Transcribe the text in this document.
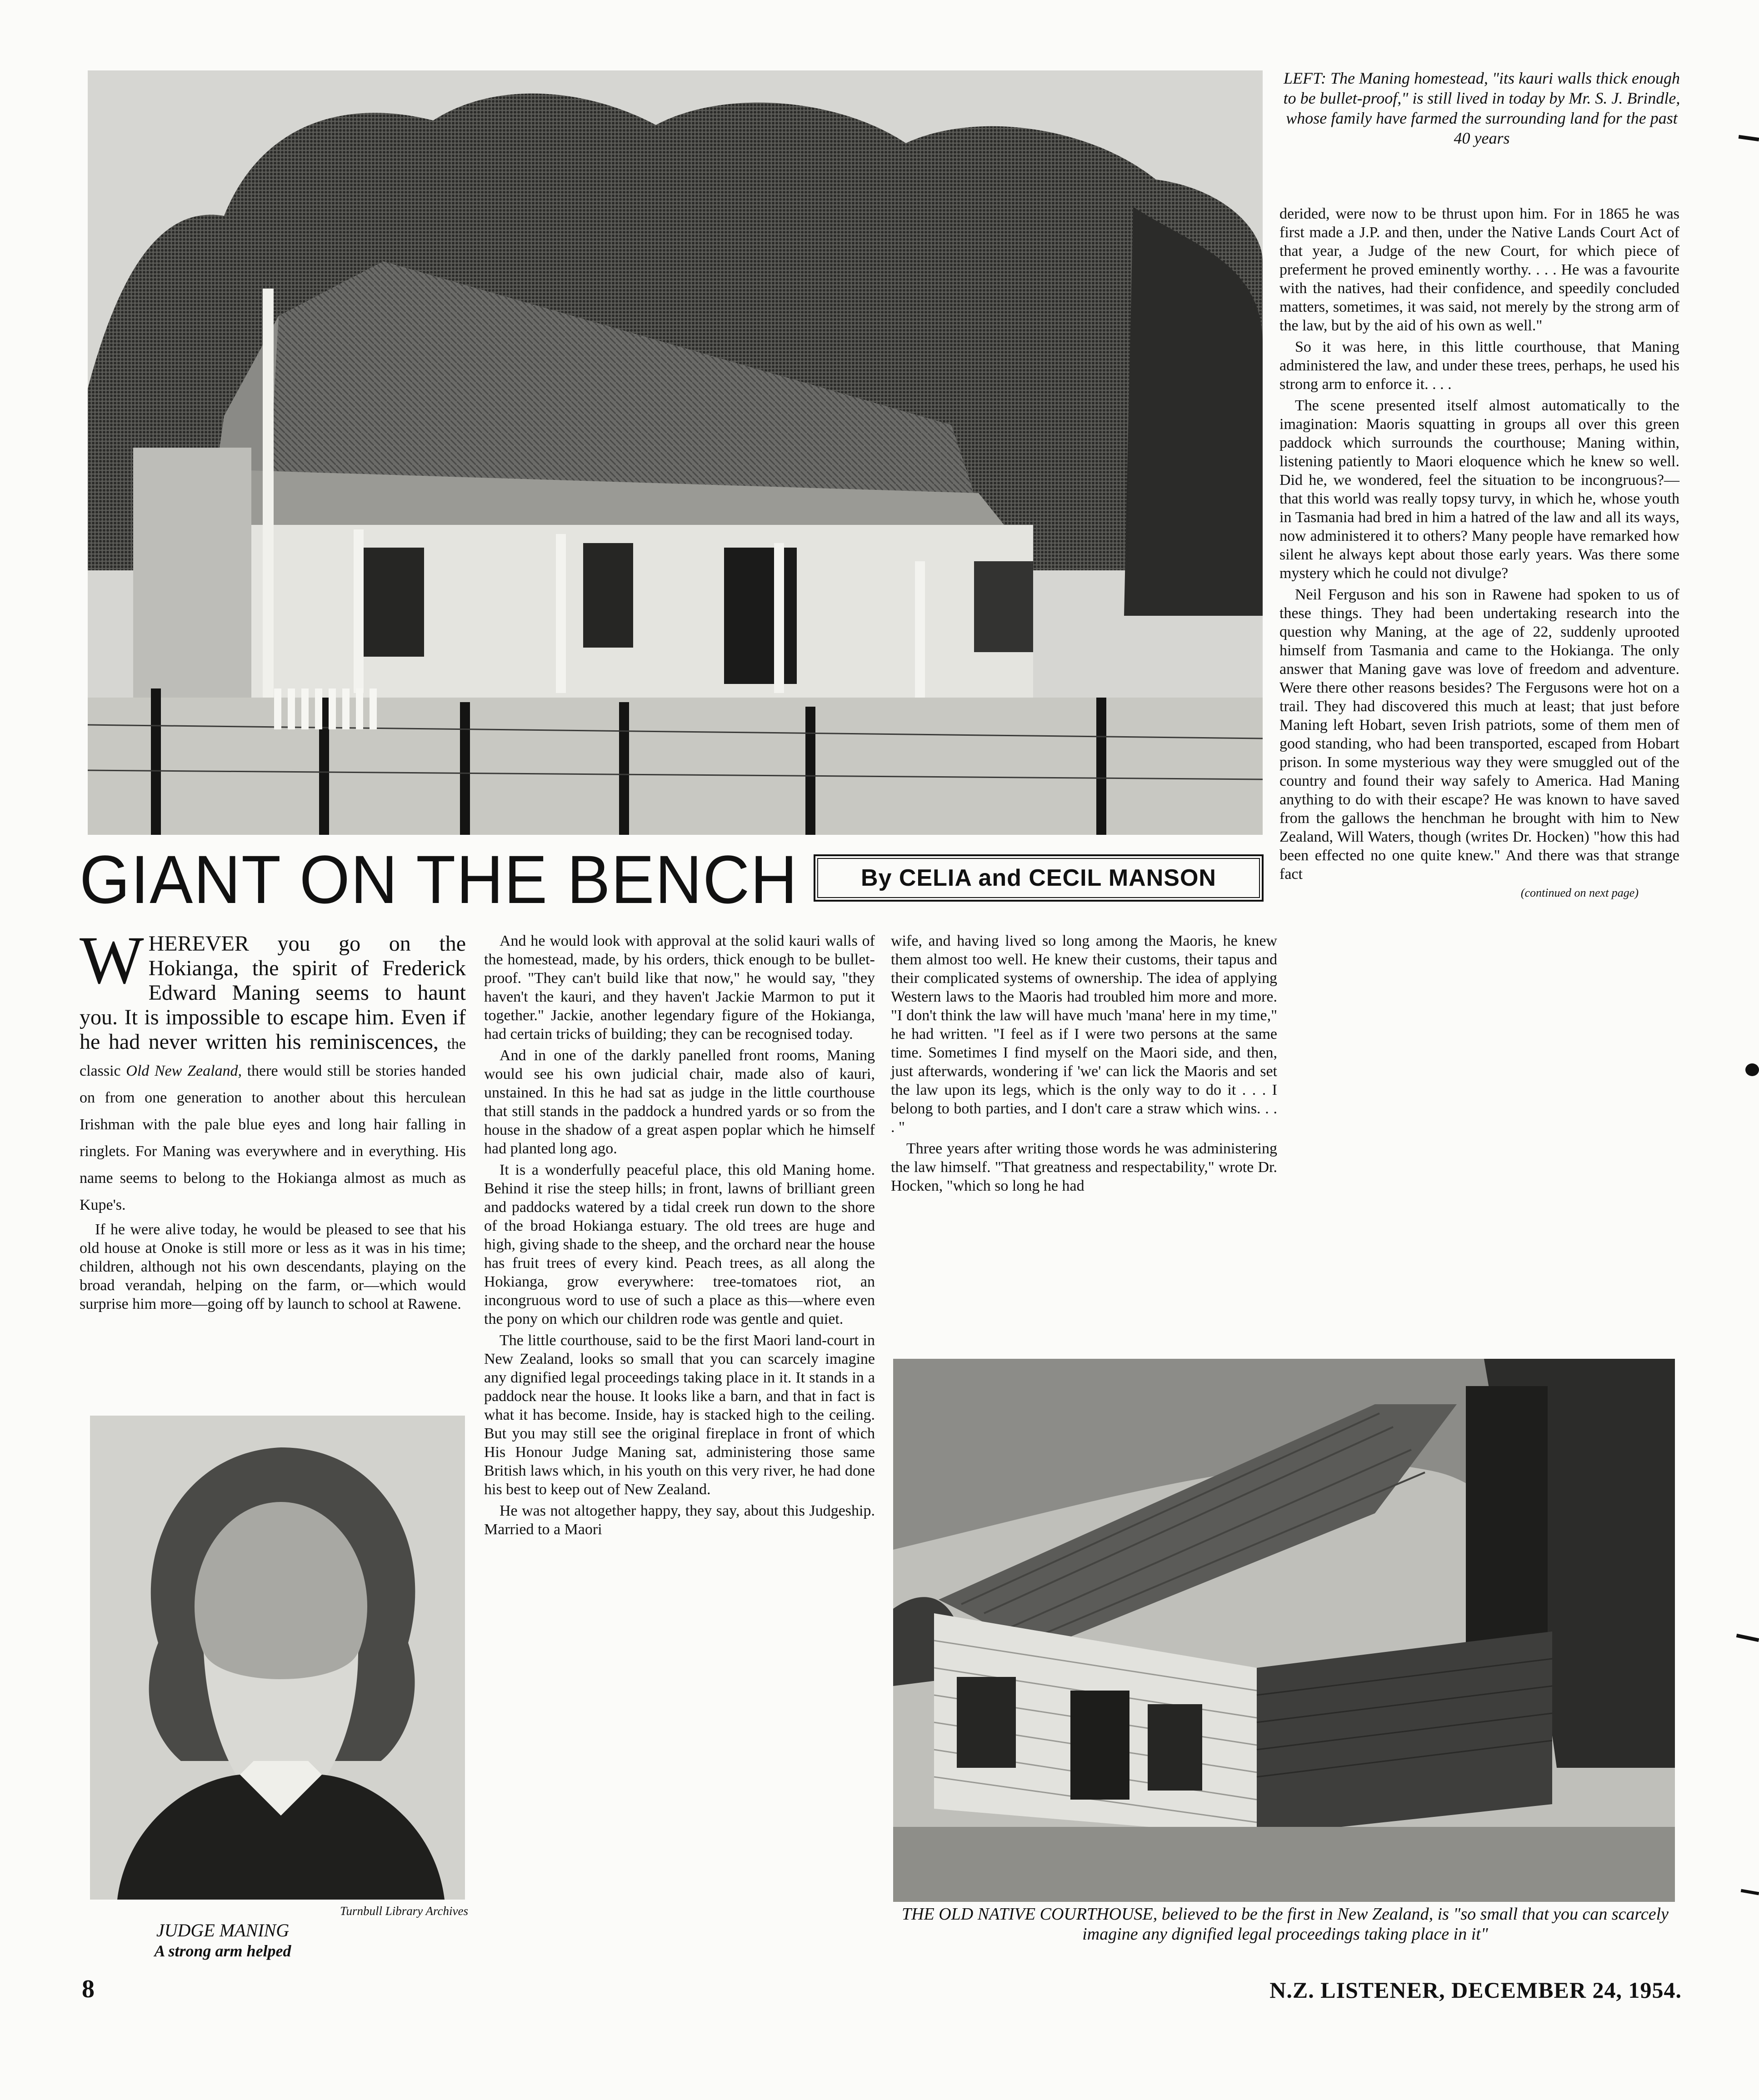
LEFT: The Maning homestead, "its kauri walls thick enough to be bullet-proof," is still lived in today by Mr. S. J. Brindle, whose family have farmed the surrounding land for the past 40 years
GIANT ON THE BENCH	By CELIA and CECIL MANSON

WHEREVER you go on the Hokianga, the spirit of Frederick Edward Maning seems to haunt you. It is impossible to escape him. Even if he had never written his reminiscences, the classic Old New Zealand, there would still be stories handed on from one generation to another about this herculean Irishman with the pale blue eyes and long hair falling in ringlets. For Maning was everywhere and in everything. His name seems to belong to the Hokianga almost as much as Kupe's.

If he were alive today, he would be pleased to see that his old house at Onoke is still more or less as it was in his time; children, although not his own descendants, playing on the broad verandah, helping on the farm, or—which would surprise him more—going off by launch to school at Rawene.

Turnbull Library Archives
JUDGE MANING
A strong arm helped

And he would look with approval at the solid kauri walls of the homestead, made, by his orders, thick enough to be bullet-proof. "They can't build like that now," he would say, "they haven't the kauri, and they haven't Jackie Marmon to put it together." Jackie, another legendary figure of the Hokianga, had certain tricks of building; they can be recognised today.

And in one of the darkly panelled front rooms, Maning would see his own judicial chair, made also of kauri, unstained. In this he had sat as judge in the little courthouse that still stands in the paddock a hundred yards or so from the house in the shadow of a great aspen poplar which he himself had planted long ago.

It is a wonderfully peaceful place, this old Maning home. Behind it rise the steep hills; in front, lawns of brilliant green and paddocks watered by a tidal creek run down to the shore of the broad Hokianga estuary. The old trees are huge and high, giving shade to the sheep, and the orchard near the house has fruit trees of every kind. Peach trees, as all along the Hokianga, grow everywhere: tree-tomatoes riot, an incongruous word to use of such a place as this—where even the pony on which our children rode was gentle and quiet.

The little courthouse, said to be the first Maori land-court in New Zealand, looks so small that you can scarcely imagine any dignified legal proceedings taking place in it. It stands in a paddock near the house. It looks like a barn, and that in fact is what it has become. Inside, hay is stacked high to the ceiling. But you may still see the original fireplace in front of which His Honour Judge Maning sat, administering those same British laws which, in his youth on this very river, he had done his best to keep out of New Zealand.

He was not altogether happy, they say, about this Judgeship. Married to a Maori

wife, and having lived so long among the Maoris, he knew them almost too well. He knew their customs, their tapus and their complicated systems of ownership. The idea of applying Western laws to the Maoris had troubled him more and more. "I don't think the law will have much 'mana' here in my time," he had written. "I feel as if I were two persons at the same time. Sometimes I find myself on the Maori side, and then, just afterwards, wondering if 'we' can lick the Maoris and set the law upon its legs, which is the only way to do it . . . I belong to both parties, and I don't care a straw which wins. . . . "

Three years after writing those words he was administering the law himself. "That greatness and respectability," wrote Dr. Hocken, "which so long he had

derided, were now to be thrust upon him. For in 1865 he was first made a J.P. and then, under the Native Lands Court Act of that year, a Judge of the new Court, for which piece of preferment he proved eminently worthy. . . . He was a favourite with the natives, had their confidence, and speedily concluded matters, sometimes, it was said, not merely by the strong arm of the law, but by the aid of his own as well."

So it was here, in this little courthouse, that Maning administered the law, and under these trees, perhaps, he used his strong arm to enforce it. . . .

The scene presented itself almost automatically to the imagination: Maoris squatting in groups all over this green paddock which surrounds the courthouse; Maning within, listening patiently to Maori eloquence which he knew so well. Did he, we wondered, feel the situation to be incongruous?—that this world was really topsy turvy, in which he, whose youth in Tasmania had bred in him a hatred of the law and all its ways, now administered it to others? Many people have remarked how silent he always kept about those early years. Was there some mystery which he could not divulge?

Neil Ferguson and his son in Rawene had spoken to us of these things. They had been undertaking research into the question why Maning, at the age of 22, suddenly uprooted himself from Tasmania and came to the Hokianga. The only answer that Maning gave was love of freedom and adventure. Were there other reasons besides? The Fergusons were hot on a trail. They had discovered this much at least; that just before Maning left Hobart, seven Irish patriots, some of them men of good standing, who had been transported, escaped from Hobart prison. In some mysterious way they were smuggled out of the country and found their way safely to America. Had Maning anything to do with their escape? He was known to have saved from the gallows the henchman he brought with him to New Zealand, Will Waters, though (writes Dr. Hocken) "how this had been effected no one quite knew." And there was that strange fact

(continued on next page)
THE OLD NATIVE COURTHOUSE, believed to be the first in New Zealand, is "so small that you can scarcely imagine any dignified legal proceedings taking place in it"
8	N.Z. LISTENER, DECEMBER 24, 1954.
